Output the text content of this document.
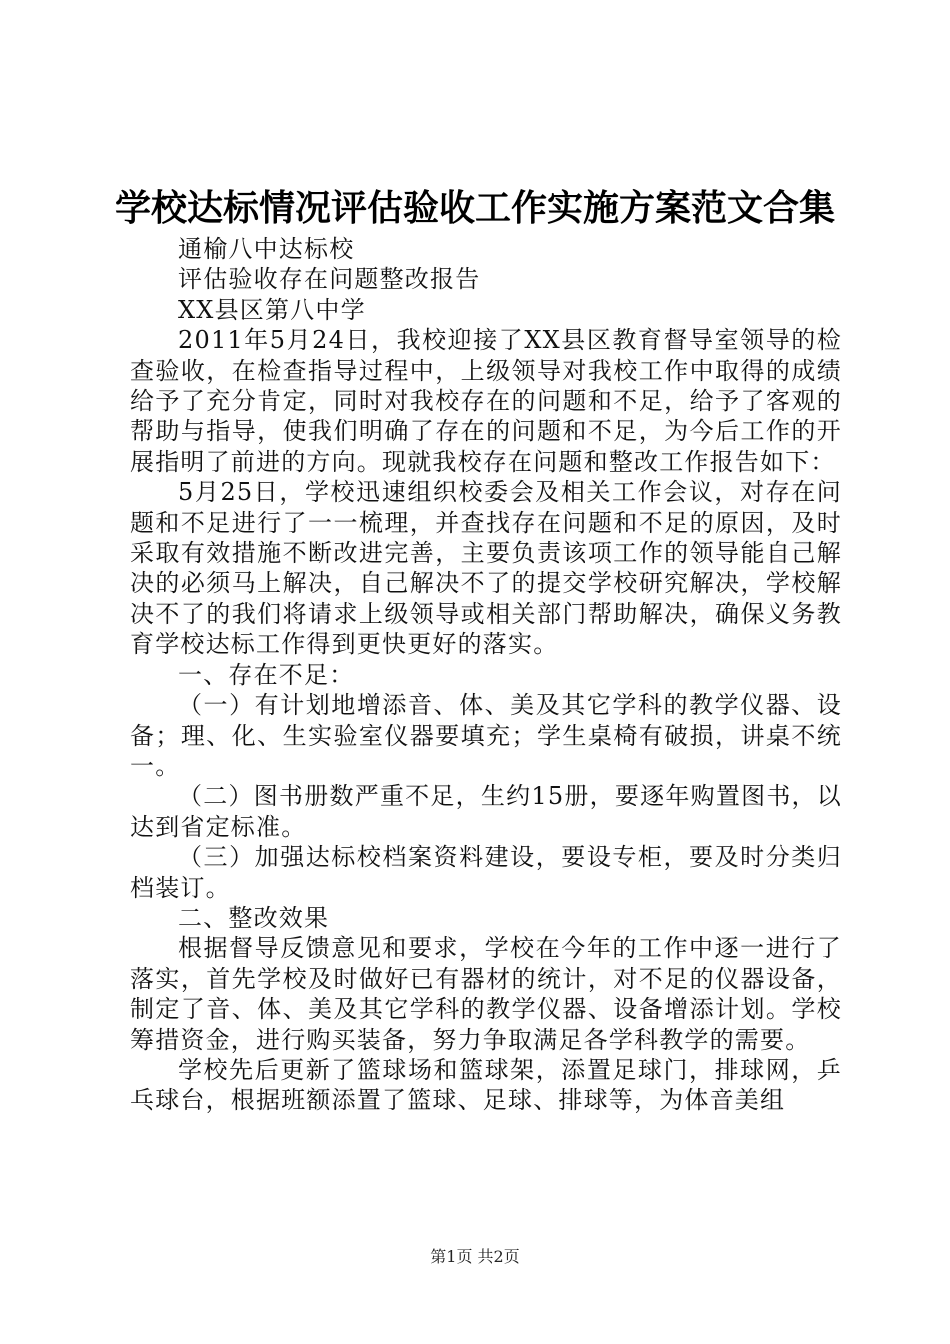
学校达标情况评估验收工作实施方案范文合集

通榆八中达标校

评估验收存在问题整改报告

XX县区第八中学

2011年5月24日，我校迎接了XX县区教育督导室领导的检查验收，在检查指导过程中，上级领导对我校工作中取得的成绩给予了充分肯定，同时对我校存在的问题和不足，给予了客观的帮助与指导，使我们明确了存在的问题和不足，为今后工作的开展指明了前进的方向。现就我校存在问题和整改工作报告如下：

5月25日，学校迅速组织校委会及相关工作会议，对存在问题和不足进行了一一梳理，并查找存在问题和不足的原因，及时采取有效措施不断改进完善，主要负责该项工作的领导能自己解决的必须马上解决，自己解决不了的提交学校研究解决，学校解决不了的我们将请求上级领导或相关部门帮助解决，确保义务教育学校达标工作得到更快更好的落实。

一、存在不足：

（一）有计划地增添音、体、美及其它学科的教学仪器、设备；理、化、生实验室仪器要填充；学生桌椅有破损，讲桌不统一。

（二）图书册数严重不足，生约15册，要逐年购置图书，以达到省定标准。

（三）加强达标校档案资料建设，要设专柜，要及时分类归档装订。

二、整改效果

根据督导反馈意见和要求，学校在今年的工作中逐一进行了落实，首先学校及时做好已有器材的统计，对不足的仪器设备，制定了音、体、美及其它学科的教学仪器、设备增添计划。学校筹措资金，进行购买装备，努力争取满足各学科教学的需要。

学校先后更新了篮球场和篮球架，添置足球门，排球网，乒乓球台，根据班额添置了篮球、足球、排球等，为体音美组

第1页 共2页
